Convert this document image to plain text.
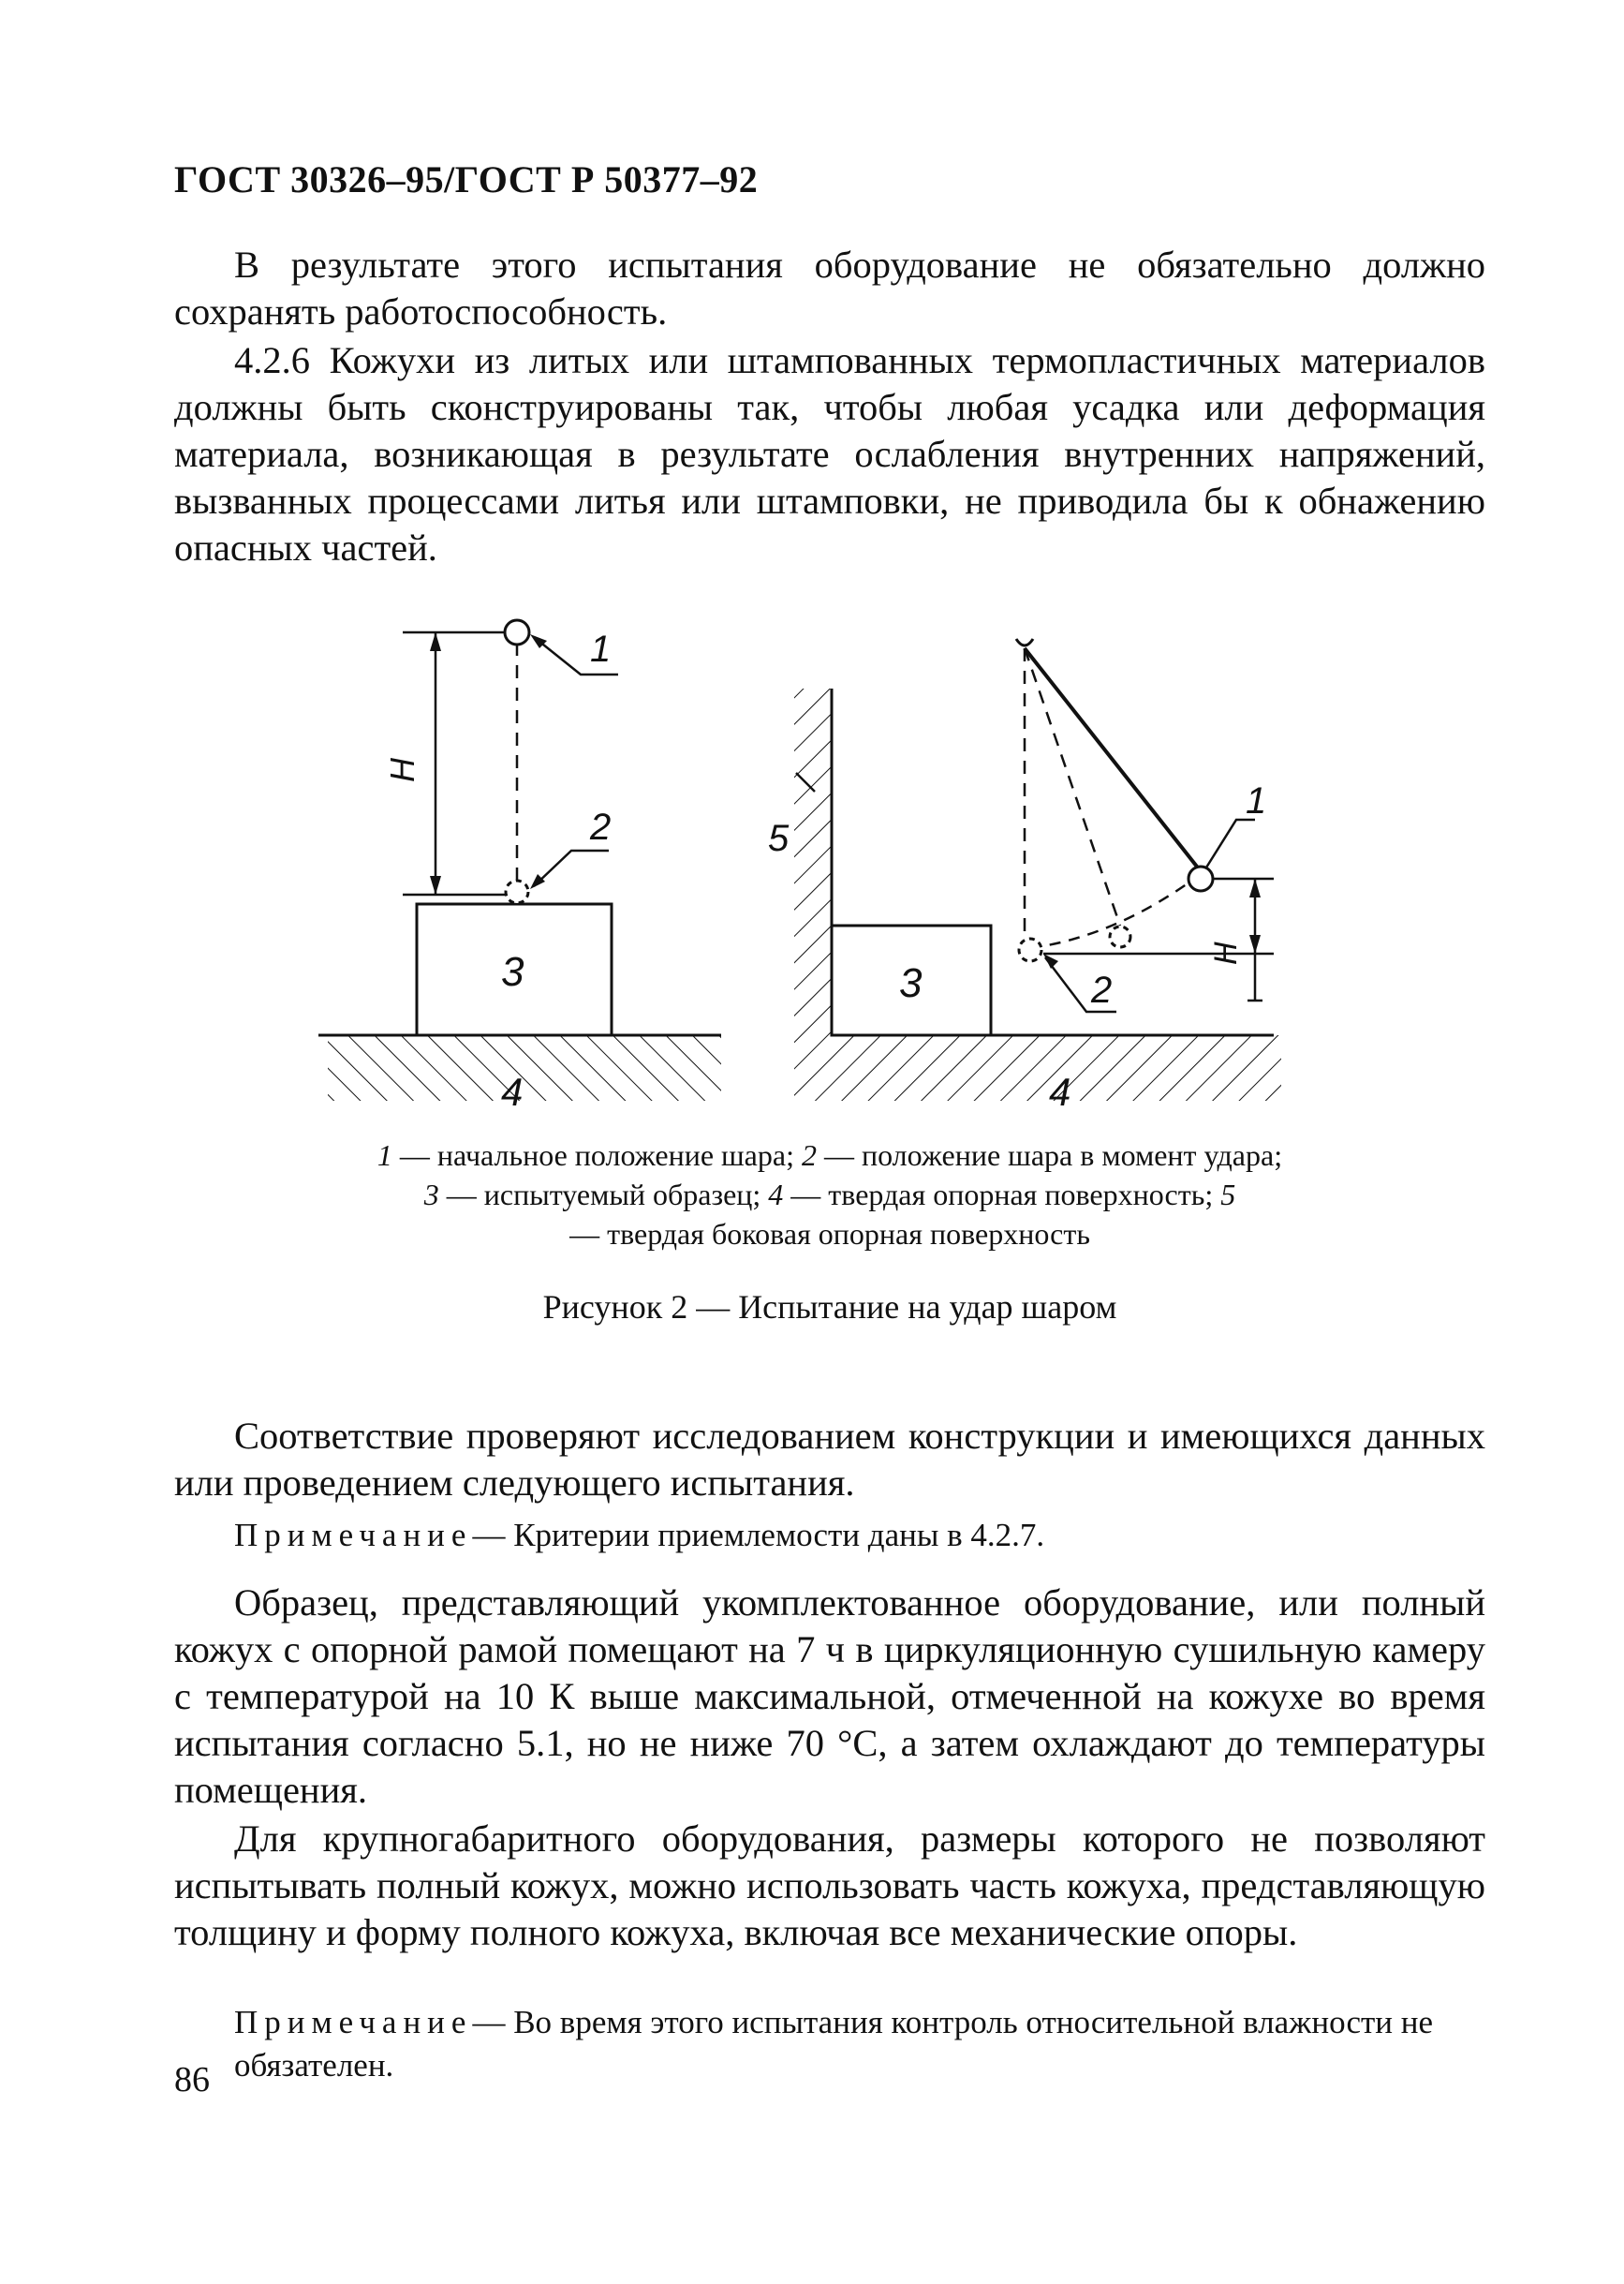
ГОСТ 30326–95/ГОСТ Р 50377–92

В результате этого испытания оборудование не обязательно должно сохранять работоспособность.

4.2.6 Кожухи из литых или штампованных термопластичных материалов должны быть сконструированы так, чтобы любая усадка или деформация материала, возникающая в результате ослабления внутренних напряжений, вызванных процессами литья или штамповки, не приводила бы к обнажению опасных частей.

1
2
3
4
H
1
2
3
4
5
H
1 — начальное положение шара; 2 — положение шара в момент удара;
3 — испытуемый образец; 4 — твердая опорная поверхность; 5 — твердая боковая опорная поверхность
Рисунок 2 — Испытание на удар шаром

Соответствие проверяют исследованием конструкции и имеющихся данных или проведением следующего испытания.

Примечание— Критерии приемлемости даны в 4.2.7.

Образец, представляющий укомплектованное оборудование, или полный кожух с опорной рамой помещают на 7 ч в циркуляционную сушильную камеру с температурой на 10 К выше максимальной, отмеченной на кожухе во время испытания согласно 5.1, но не ниже 70 °С, а затем охлаждают до температуры помещения.

Для крупногабаритного оборудования, размеры которого не позволяют испытывать полный кожух, можно использовать часть кожуха, представляющую толщину и форму полного кожуха, включая все механические опоры.

Примечание— Во время этого испытания контроль относительной влажности не обязателен.

86
